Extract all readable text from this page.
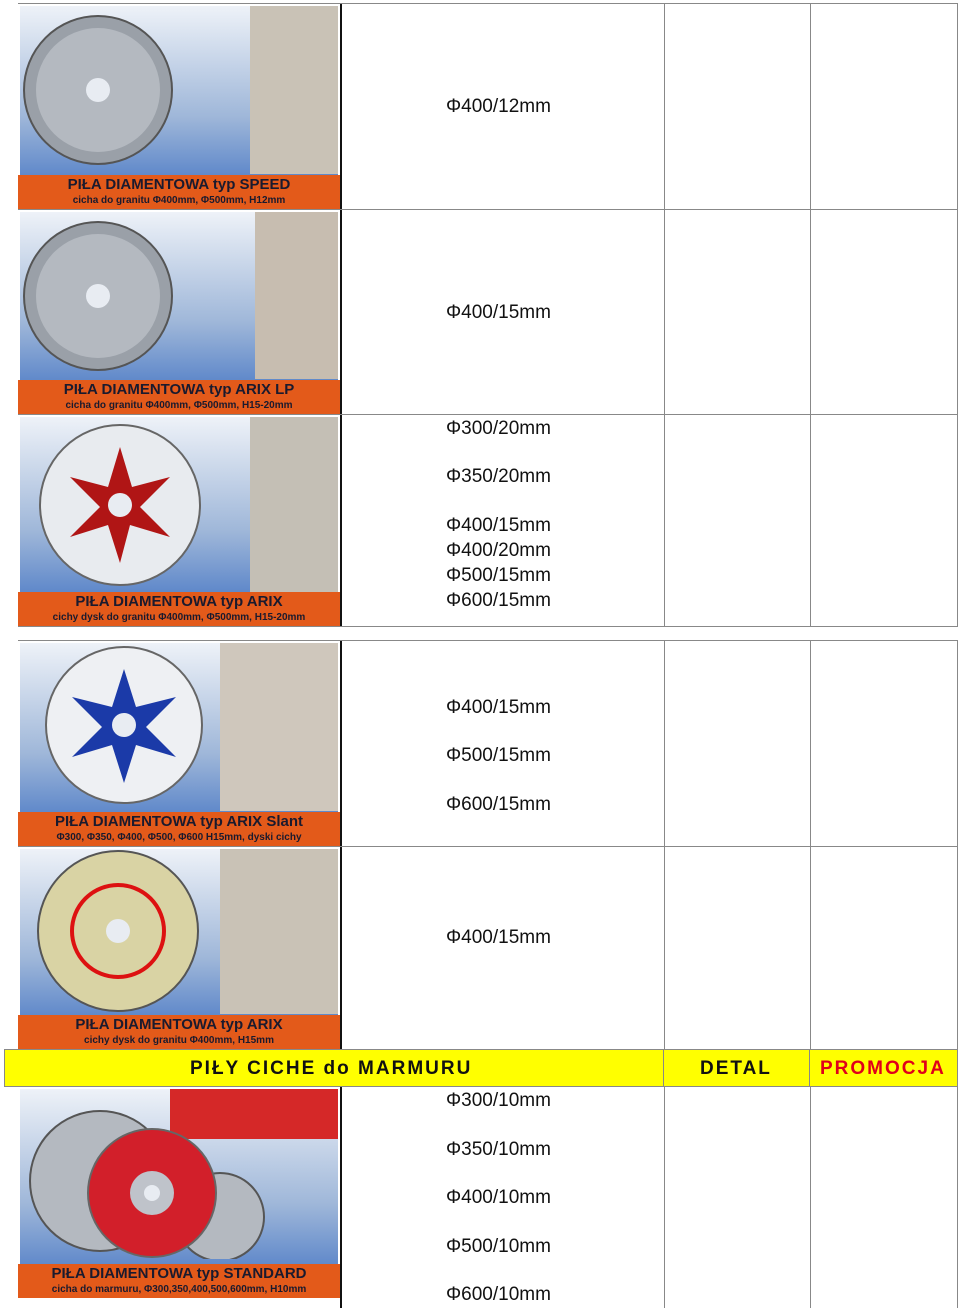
PIŁA DIAMENTOWA typ SPEED
cicha do granitu Φ400mm, Φ500mm, H12mm
Φ400/12mm
PIŁA DIAMENTOWA typ ARIX LP
cicha do granitu Φ400mm, Φ500mm, H15-20mm
Φ400/15mm
PIŁA DIAMENTOWA typ ARIX
cichy dysk do granitu Φ400mm, Φ500mm, H15-20mm
Φ300/20mm
Φ350/20mm
Φ400/15mm
Φ400/20mm
Φ500/15mm
Φ600/15mm
PIŁA DIAMENTOWA typ ARIX Slant
Φ300, Φ350, Φ400, Φ500, Φ600 H15mm, dyski cichy
Φ400/15mm
Φ500/15mm
Φ600/15mm
PIŁA DIAMENTOWA typ ARIX
cichy dysk do granitu Φ400mm, H15mm
Φ400/15mm
PIŁY CICHE do MARMURU	DETAL	PROMOCJA
PIŁA DIAMENTOWA typ STANDARD
cicha do marmuru, Φ300,350,400,500,600mm, H10mm
Φ300/10mm
Φ350/10mm
Φ400/10mm
Φ500/10mm
Φ600/10mm
